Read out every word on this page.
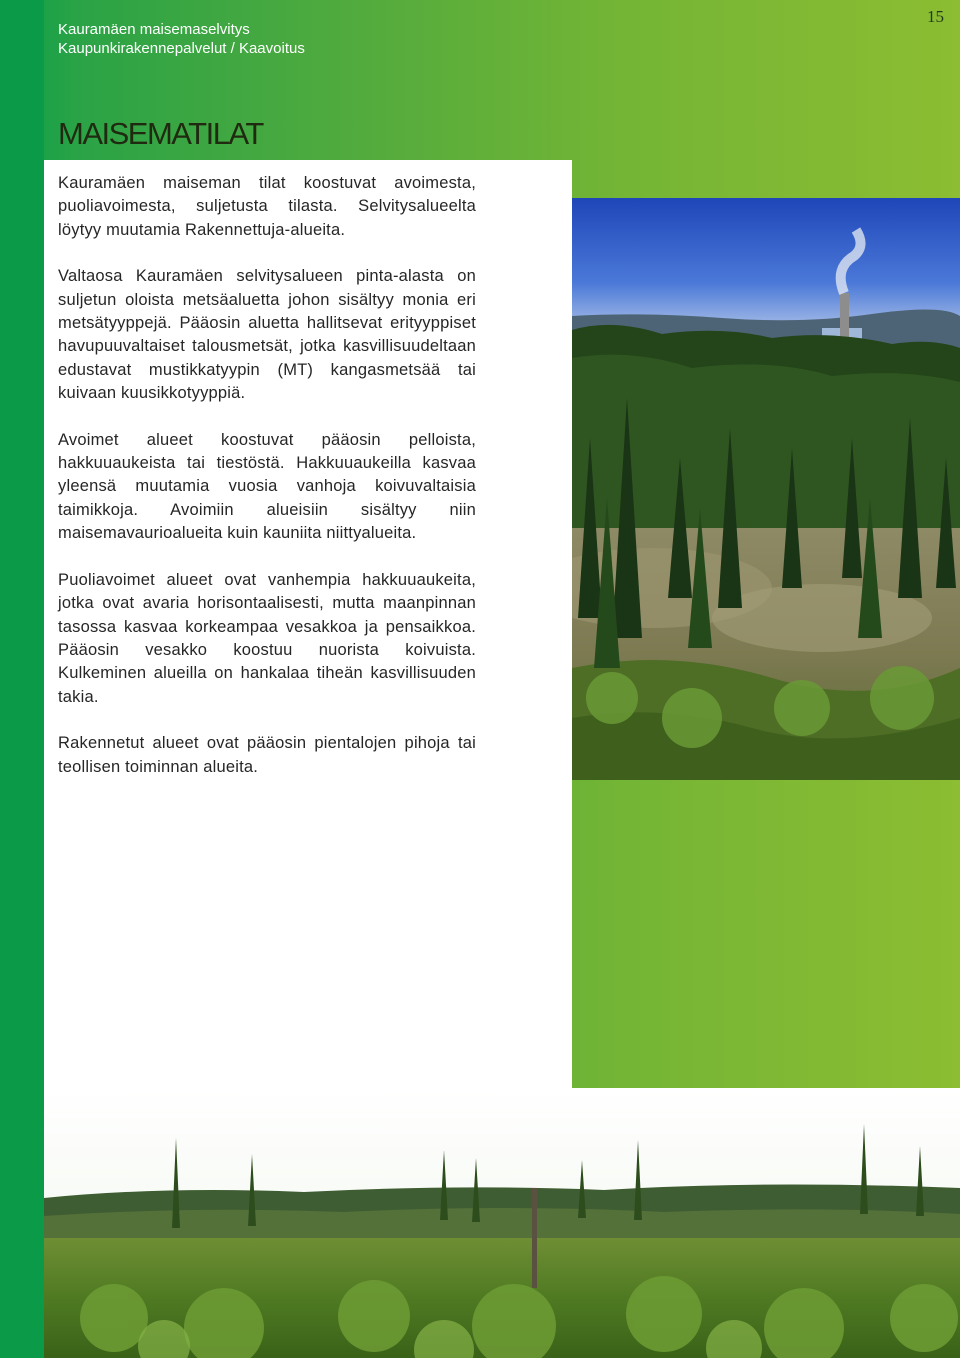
Kauramäen maisemaselvitys
Kaupunkirakennepalvelut / Kaavoitus
15
MAISEMATILAT

Kauramäen maiseman tilat koostuvat avoimesta, puoliavoimesta, suljetusta tilasta. Selvitysalueelta löytyy muutamia Rakennettuja-alueita.

Valtaosa Kauramäen selvitysalueen pinta-alasta on suljetun oloista metsäaluetta johon sisältyy monia eri metsätyyppejä. Pääosin aluetta hallitsevat erityyppiset havupuuvaltaiset talousmetsät, jotka kasvillisuudeltaan edustavat mustikkatyypin (MT) kangasmetsää tai kuivaan kuusikkotyyppiä.

Avoimet alueet koostuvat pääosin pelloista, hakkuuaukeista tai tiestöstä. Hakkuuaukeilla kasvaa yleensä muutamia vuosia vanhoja koivuvaltaisia taimikkoja. Avoimiin alueisiin sisältyy niin maisemavaurioalueita kuin kauniita niittyalueita.

Puoliavoimet alueet ovat vanhempia hakkuuaukeita, jotka ovat avaria horisontaalisesti, mutta maanpinnan tasossa kasvaa korkeampaa vesakkoa ja pensaikkoa. Pääosin vesakko koostuu nuorista koivuista. Kulkeminen alueilla on hankalaa tiheän kasvillisuuden takia.

Rakennetut alueet ovat pääosin pientalojen pihoja tai teollisen toiminnan alueita.
